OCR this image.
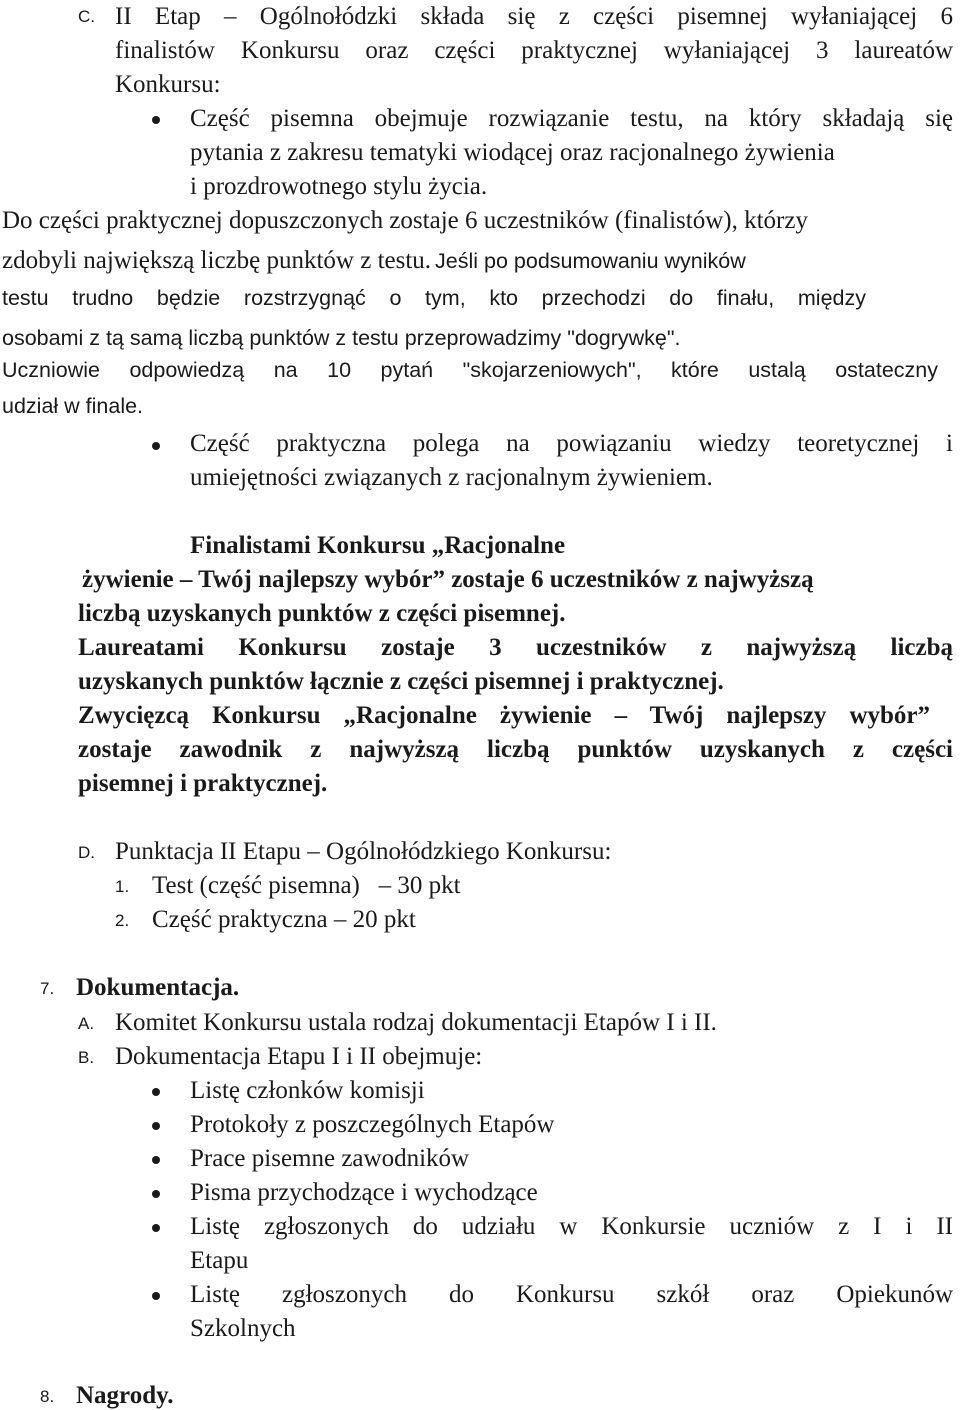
C. II Etap – Ogólnołódzki składa się z części pisemnej wyłaniającej 6
finalistów Konkursu oraz części praktycznej wyłaniającej 3 laureatów
Konkursu:
Część pisemna obejmuje rozwiązanie testu, na który składają się
pytania z zakresu tematyki wiodącej oraz racjonalnego żywienia
i prozdrowotnego stylu życia.
Do części praktycznej dopuszczonych zostaje 6 uczestników (finalistów), którzy
zdobyli największą liczbę punktów z testu. Jeśli po podsumowaniu wyników
testu trudno będzie rozstrzygnąć o tym, kto przechodzi do finału, między
osobami z tą samą liczbą punktów z testu przeprowadzimy "dogrywkę".
Uczniowie odpowiedzą na 10 pytań "skojarzeniowych", które ustalą ostateczny
udział w finale.
Część praktyczna polega na powiązaniu wiedzy teoretycznej i
umiejętności związanych z racjonalnym żywieniem.
Finalistami Konkursu „Racjonalne
żywienie – Twój najlepszy wybór” zostaje 6 uczestników z najwyższą
liczbą uzyskanych punktów z części pisemnej.
Laureatami Konkursu zostaje 3 uczestników z najwyższą liczbą
uzyskanych punktów łącznie z części pisemnej i praktycznej.
Zwycięzcą Konkursu „Racjonalne żywienie – Twój najlepszy wybór”
zostaje zawodnik z najwyższą liczbą punktów uzyskanych z części
pisemnej i praktycznej.
D. Punktacja II Etapu – Ogólnołódzkiego Konkursu:
1. Test (część pisemna)   – 30 pkt
2. Część praktyczna – 20 pkt
7. Dokumentacja.
A. Komitet Konkursu ustala rodzaj dokumentacji Etapów I i II.
B. Dokumentacja Etapu I i II obejmuje:
Listę członków komisji
Protokoły z poszczególnych Etapów
Prace pisemne zawodników
Pisma przychodzące i wychodzące
Listę zgłoszonych do udziału w Konkursie uczniów z I i II
Etapu
Listę zgłoszonych do Konkursu szkół oraz Opiekunów
Szkolnych
8. Nagrody.
